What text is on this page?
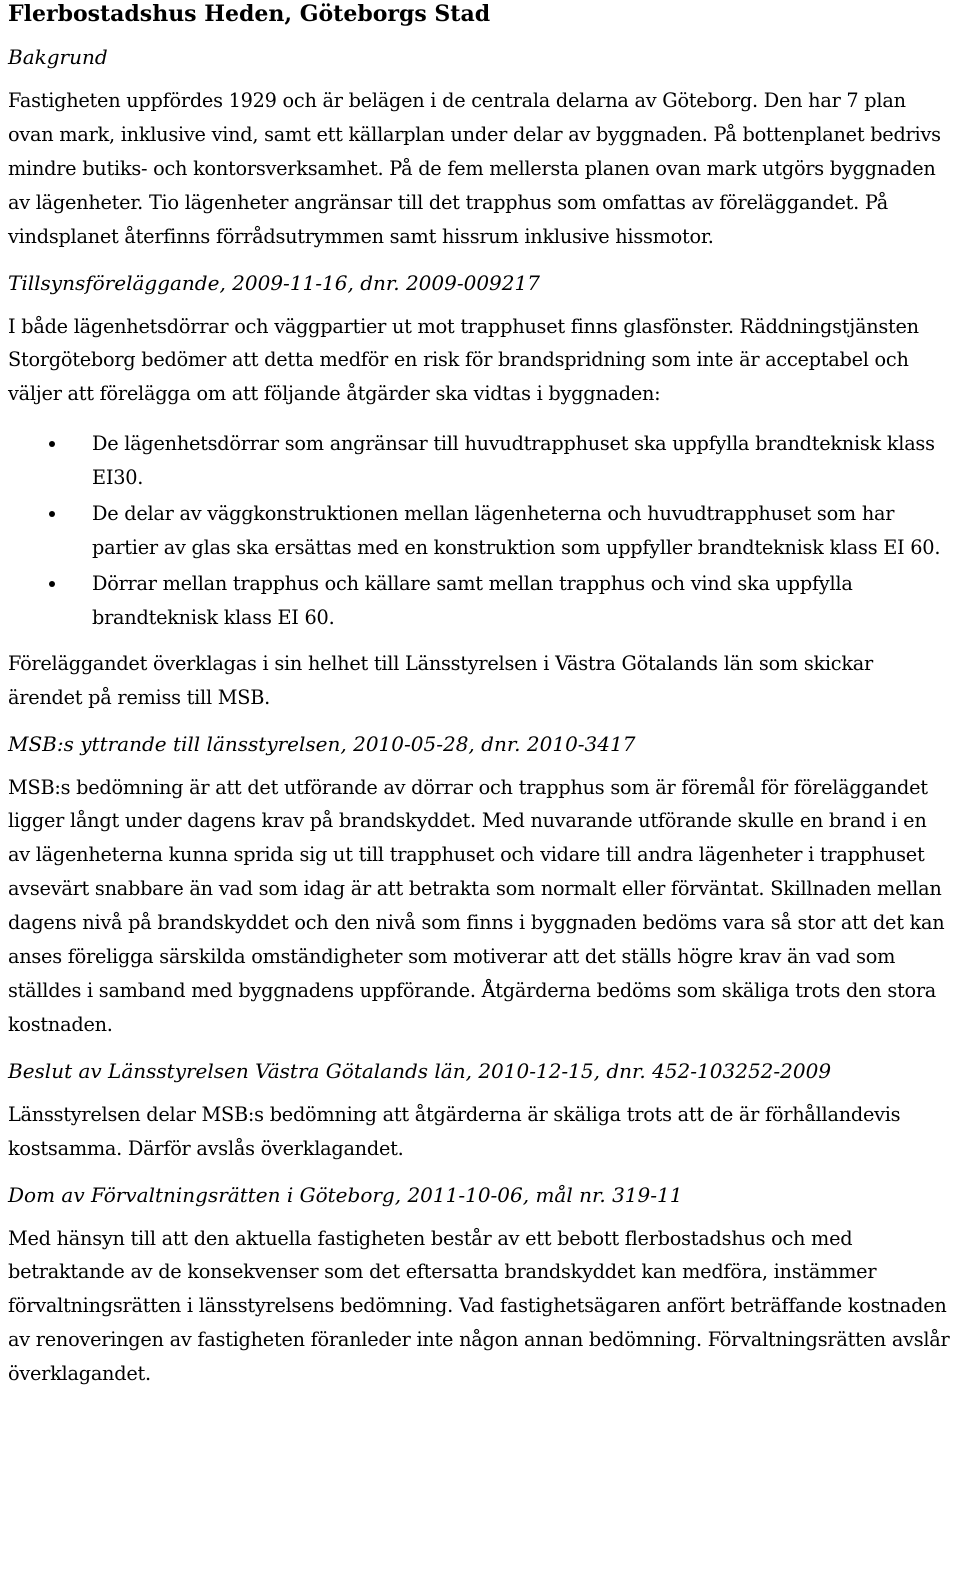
Flerbostadshus Heden, Göteborgs Stad
Bakgrund

Fastigheten uppfördes 1929 och är belägen i de centrala delarna av Göteborg. Den har 7 plan ovan mark, inklusive vind, samt ett källarplan under delar av byggnaden. På bottenplanet bedrivs mindre butiks- och kontorsverksamhet. På de fem mellersta planen ovan mark utgörs byggnaden av lägenheter. Tio lägenheter angränsar till det trapphus som omfattas av föreläggandet. På vindsplanet återfinns förrådsutrymmen samt hissrum inklusive hissmotor.

Tillsynsföreläggande, 2009-11-16, dnr. 2009-009217

I både lägenhetsdörrar och väggpartier ut mot trapphuset finns glasfönster. Räddningstjänsten Storgöteborg bedömer att detta medför en risk för brandspridning som inte är acceptabel och väljer att förelägga om att följande åtgärder ska vidtas i byggnaden:

De lägenhetsdörrar som angränsar till huvudtrapphuset ska uppfylla brandteknisk klass EI30.
De delar av väggkonstruktionen mellan lägenheterna och huvudtrapphuset som har partier av glas ska ersättas med en konstruktion som uppfyller brandteknisk klass EI 60.
Dörrar mellan trapphus och källare samt mellan trapphus och vind ska uppfylla brandteknisk klass EI 60.

Föreläggandet överklagas i sin helhet till Länsstyrelsen i Västra Götalands län som skickar ärendet på remiss till MSB.

MSB:s yttrande till länsstyrelsen, 2010-05-28, dnr. 2010-3417

MSB:s bedömning är att det utförande av dörrar och trapphus som är föremål för föreläggandet ligger långt under dagens krav på brandskyddet. Med nuvarande utförande skulle en brand i en av lägenheterna kunna sprida sig ut till trapphuset och vidare till andra lägenheter i trapphuset avsevärt snabbare än vad som idag är att betrakta som normalt eller förväntat. Skillnaden mellan dagens nivå på brandskyddet och den nivå som finns i byggnaden bedöms vara så stor att det kan anses föreligga särskilda omständigheter som motiverar att det ställs högre krav än vad som ställdes i samband med byggnadens uppförande. Åtgärderna bedöms som skäliga trots den stora kostnaden.

Beslut av Länsstyrelsen Västra Götalands län, 2010-12-15, dnr. 452-103252-2009

Länsstyrelsen delar MSB:s bedömning att åtgärderna är skäliga trots att de är förhållandevis kostsamma. Därför avslås överklagandet.

Dom av Förvaltningsrätten i Göteborg, 2011-10-06, mål nr. 319-11

Med hänsyn till att den aktuella fastigheten består av ett bebott flerbostadshus och med betraktande av de konsekvenser som det eftersatta brandskyddet kan medföra, instämmer förvaltningsrätten i länsstyrelsens bedömning. Vad fastighetsägaren anfört beträffande kostnaden av renoveringen av fastigheten föranleder inte någon annan bedömning. Förvaltningsrätten avslår överklagandet.
